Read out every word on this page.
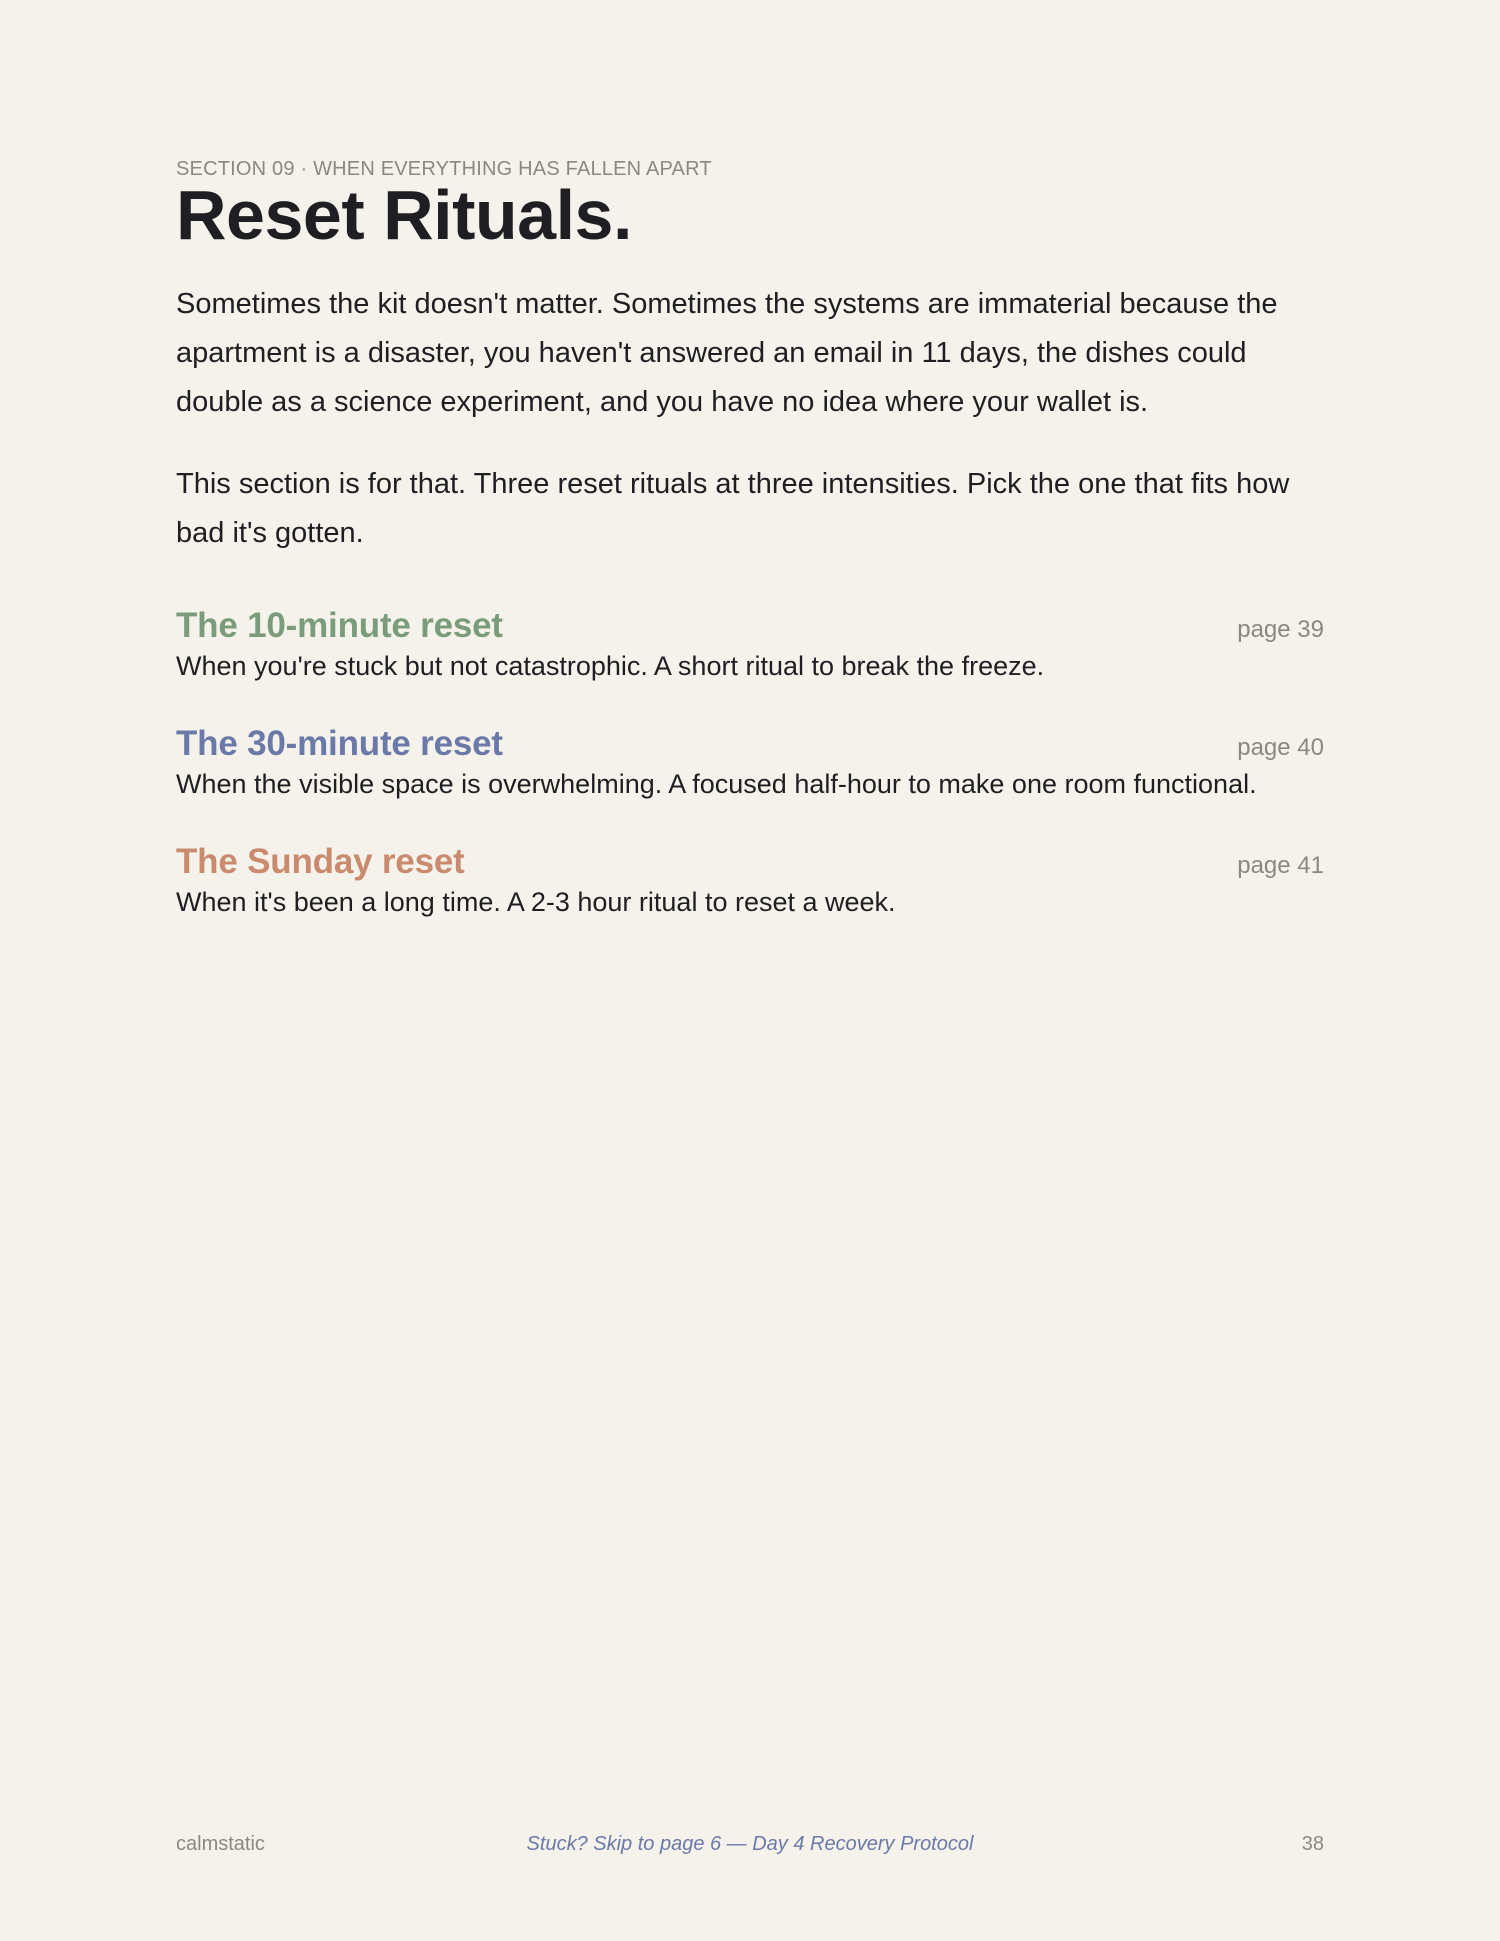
SECTION 09 · WHEN EVERYTHING HAS FALLEN APART
Reset Rituals.

Sometimes the kit doesn't matter. Sometimes the systems are immaterial because the apartment is a disaster, you haven't answered an email in 11 days, the dishes could double as a science experiment, and you have no idea where your wallet is.

This section is for that. Three reset rituals at three intensities. Pick the one that fits how bad it's gotten.

The 10-minute reset	page 39
When you're stuck but not catastrophic. A short ritual to break the freeze.
The 30-minute reset	page 40
When the visible space is overwhelming. A focused half-hour to make one room functional.
The Sunday reset	page 41
When it's been a long time. A 2-3 hour ritual to reset a week.
calmstatic	Stuck? Skip to page 6 — Day 4 Recovery Protocol	38
